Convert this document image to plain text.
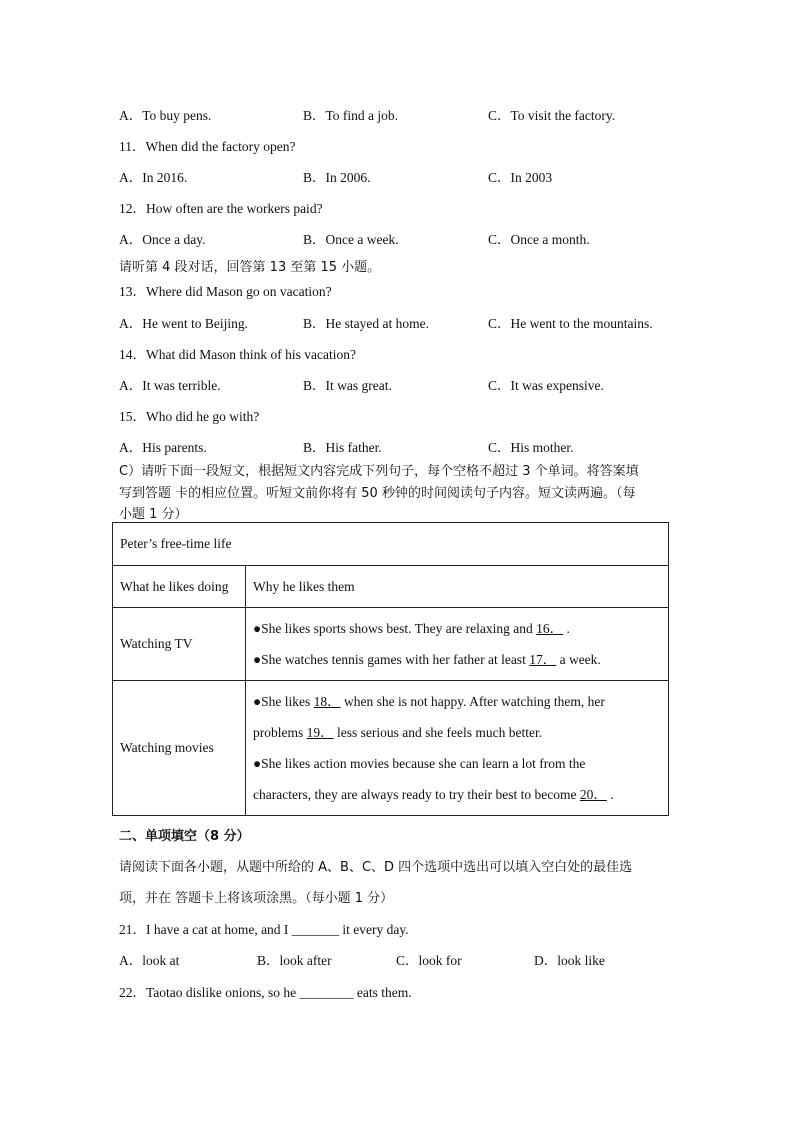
A．To buy pens.	B．To find a job.	C．To visit the factory.
11．When did the factory open?
A．In 2016.	B．In 2006.	C．In 2003
12．How often are the workers paid?
A．Once a day.	B．Once a week.	C．Once a month.
请听第 4 段对话，回答第 13 至第 15 小题。
13．Where did Mason go on vacation?
A．He went to Beijing.	B．He stayed at home.	C．He went to the mountains.
14．What did Mason think of his vacation?
A．It was terrible.	B．It was great.	C．It was expensive.
15．Who did he go with?
A．His parents.	B．His father.	C．His mother.
C）请听下面一段短文，根据短文内容完成下列句子，每个空格不超过 3 个单词。将答案填
写到答题 卡的相应位置。听短文前你将有 50 秒钟的时间阅读句子内容。短文读两遍。（每
小题 1 分）
Peter’s free-time life	
What he likes doing	Why he likes them
Watching TV	●She likes sports shows best. They are relaxing and 16． .
●She watches tennis games with her father at least 17． a week.

Watching movies	●She likes 18． when she is not happy. After watching them, her
problems 19． less serious and she feels much better.
●She likes action movies because she can learn a lot from the
characters, they are always ready to try their best to become 20． .
二、单项填空（8 分）
请阅读下面各小题，从题中所给的 A、B、C、D 四个选项中选出可以填入空白处的最佳选
项，并在 答题卡上将该项涂黑。（每小题 1 分）
21．I have a cat at home, and I _______ it every day.
A．look at	B．look after	C．look for	D．look like
22．Taotao dislike onions, so he ________ eats them.
